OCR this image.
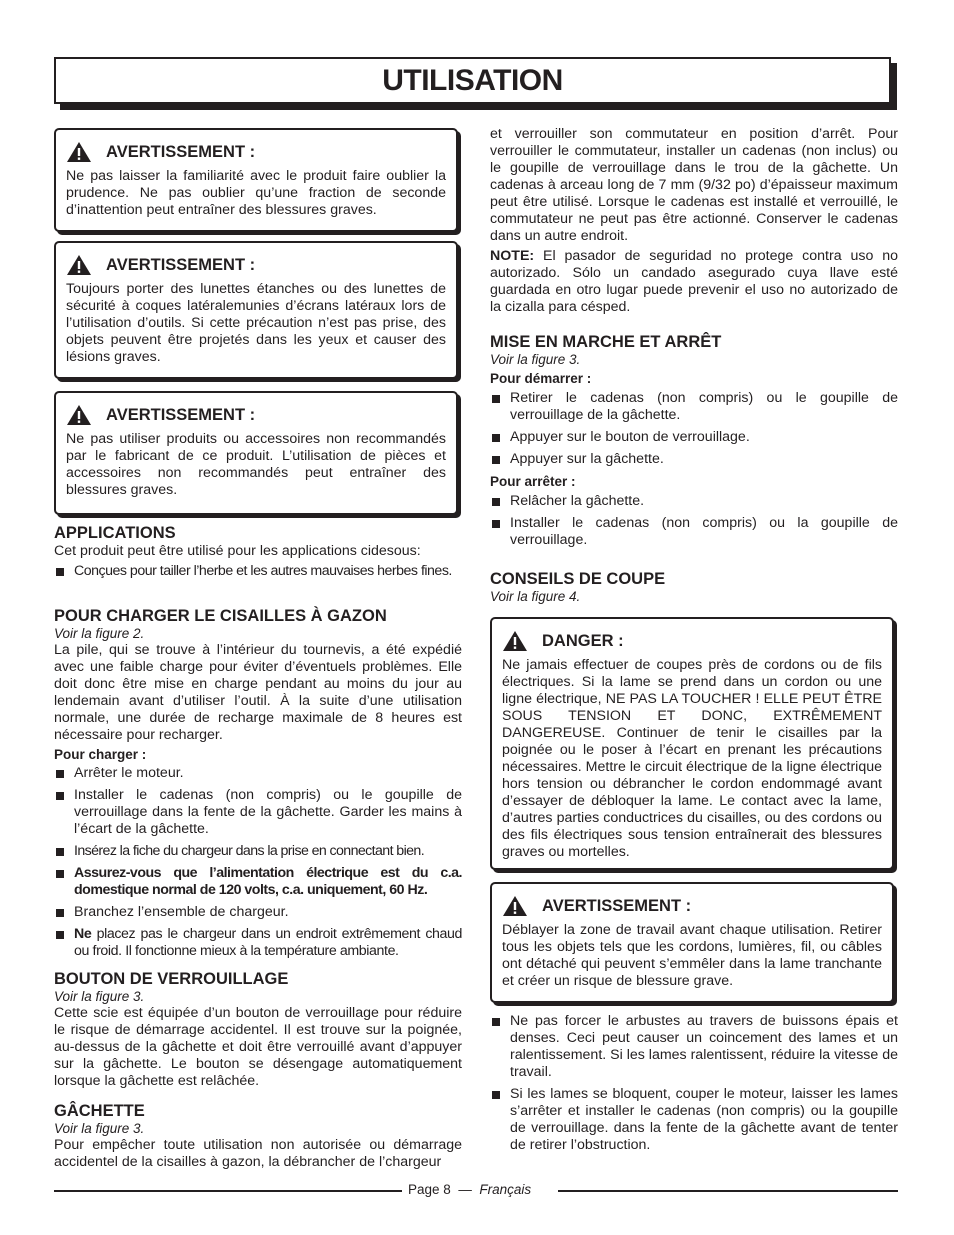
UTILISATION
AVERTISSEMENT :

Ne pas laisser la familiarité avec le produit faire oublier la prudence. Ne pas oublier qu’une fraction de seconde d’inattention peut entraîner des blessures graves.

AVERTISSEMENT :

Toujours porter des lunettes étanches ou des lunettes de sécurité à coques latéralemunies d’écrans latéraux lors de l’utilisation d’outils. Si cette précaution n’est pas prise, des objets peuvent être projetés dans les yeux et causer des lésions graves.

AVERTISSEMENT :

Ne pas utiliser produits ou accessoires non recommandés par le fabricant de ce produit. L’utilisation de pièces et accessoires non recommandés peut entraîner des blessures graves.

APPLICATIONS

Cet produit peut être utilisé pour les applications cidesous:

Conçues pour tailler l’herbe et les autres mauvaises herbes fines.
POUR CHARGER LE CISAILLES À GAZON
Voir la figure 2.

La pile, qui se trouve à l’intérieur du tournevis, a été expédié avec une faible charge pour éviter d’éventuels problèmes. Elle doit donc être mise en charge pendant au moins du jour au lendemain avant d’utiliser l’outil. À la suite d’une utilisation normale, une durée de recharge maximale de 8 heures est nécessaire pour recharger.

Pour charger :
Arrêter le moteur.
Installer le cadenas (non compris) ou le goupille de verrouillage dans la fente de la gâchette. Garder les mains à l’écart de la gâchette.
Insérez la fiche du chargeur dans la prise en connectant bien.
Assurez-vous que l’alimentation électrique est du c.a. domestique normal de 120 volts, c.a. uniquement, 60 Hz.
Branchez l’ensemble de chargeur.
Ne placez pas le chargeur dans un endroit extrêmement chaud ou froid. Il fonctionne mieux à la température ambiante.
BOUTON DE VERROUILLAGE
Voir la figure 3.

Cette scie est équipée d’un bouton de verrouillage pour réduire le risque de démarrage accidentel. Il est trouve sur la poignée, au-dessus de la gâchette et doit être verrouillé avant d’appuyer sur la gâchette. Le bouton se désengage automatiquement lorsque la gâchette est relâchée.

GÂCHETTE
Voir la figure 3.

Pour empêcher toute utilisation non autorisée ou démarrage accidentel de la cisailles à gazon, la débrancher de l’chargeur

et verrouiller son commutateur en position d’arrêt. Pour verrouiller le commutateur, installer un cadenas (non inclus) ou le goupille de verrouillage dans le trou de la gâchette. Un cadenas à arceau long de 7 mm (9/32 po) d’épaisseur maximum peut être utilisé. Lorsque le cadenas est installé et verrouillé, le commutateur ne peut pas être actionné. Conserver le cadenas dans un autre endroit.

NOTE: El pasador de seguridad no protege contra uso no autorizado. Sólo un candado asegurado cuya llave esté guardada en otro lugar puede prevenir el uso no autorizado de la cizalla para césped.

MISE EN MARCHE ET ARRÊT
Voir la figure 3.
Pour démarrer :
Retirer le cadenas (non compris) ou le goupille de verrouillage de la gâchette.
Appuyer sur le bouton de verrouillage.
Appuyer sur la gâchette.
Pour arrêter :
Relâcher la gâchette.
Installer le cadenas (non compris) ou la goupille de verrouillage.
CONSEILS DE COUPE
Voir la figure 4.
DANGER :

Ne jamais effectuer de coupes près de cordons ou de fils électriques. Si la lame se prend dans un cordon ou une ligne électrique, NE PAS LA TOUCHER ! ELLE PEUT ÊTRE SOUS TENSION ET DONC, EXTRÊMEMENT DANGEREUSE. Continuer de tenir le cisailles par la poignée ou le poser à l’écart en prenant les précautions nécessaires. Mettre le circuit électrique de la ligne électrique hors tension ou débrancher le cordon endommagé avant d’essayer de débloquer la lame. Le contact avec la lame, d’autres parties conductrices du cisailles, ou des cordons ou des fils électriques sous tension entraînerait des blessures graves ou mortelles.

AVERTISSEMENT :

Déblayer la zone de travail avant chaque utilisation. Retirer tous les objets tels que les cordons, lumières, fil, ou câbles ont détaché qui peuvent s’emmêler dans la lame tranchante et créer un risque de blessure grave.

Ne pas forcer le arbustes au travers de buissons épais et denses. Ceci peut causer un coincement des lames et un ralentissement. Si les lames ralentissent, réduire la vitesse de travail.
Si les lames se bloquent, couper le moteur, laisser les lames s’arrêter et installer le cadenas (non compris) ou la goupille de verrouillage. dans la fente de la gâchette avant de tenter de retirer l’obstruction.
Page 8 — Français
